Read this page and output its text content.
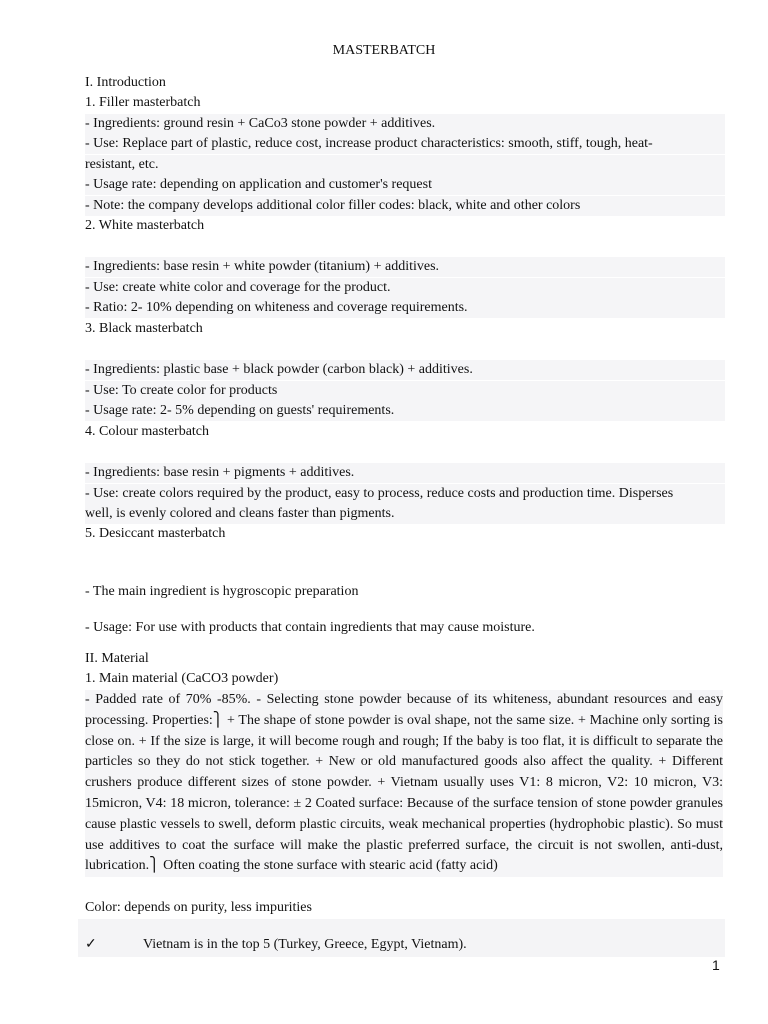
MASTERBATCH
I. Introduction
1. Filler masterbatch
- Ingredients: ground resin + CaCo3 stone powder + additives.
- Use: Replace part of plastic, reduce cost, increase product characteristics: smooth, stiff, tough, heat-
resistant, etc.
- Usage rate: depending on application and customer's request
- Note: the company develops additional color filler codes: black, white and other colors
2. White masterbatch
- Ingredients: base resin + white powder (titanium) + additives.
- Use: create white color and coverage for the product.
- Ratio: 2- 10% depending on whiteness and coverage requirements.
3. Black masterbatch
- Ingredients: plastic base + black powder (carbon black) + additives.
- Use: To create color for products
- Usage rate: 2- 5% depending on guests' requirements.
4. Colour masterbatch
- Ingredients: base resin + pigments + additives.
- Use: create colors required by the product, easy to process, reduce costs and production time. Disperses
well, is evenly colored and cleans faster than pigments.
5. Desiccant masterbatch
- The main ingredient is hygroscopic preparation
- Usage: For use with products that contain ingredients that may cause moisture.
II. Material
1. Main material (CaCO3 powder)
- Padded rate of 70% -85%. - Selecting stone powder because of its whiteness, abundant resources and easy processing. Properties:⎫ + The shape of stone powder is oval shape, not the same size. + Machine only sorting is close on. + If the size is large, it will become rough and rough; If the baby is too flat, it is difficult to separate the particles so they do not stick together. + New or old manufactured goods also affect the quality. + Different crushers produce different sizes of stone powder. + Vietnam usually uses V1: 8 micron, V2: 10 micron, V3: 15micron, V4: 18 micron, tolerance: ± 2 Coated surface: Because of the surface tension of stone powder granules cause plastic vessels to swell, deform plastic circuits, weak mechanical properties (hydrophobic plastic). So must use additives to coat the surface will make the plastic preferred surface, the circuit is not swollen, anti-dust, lubrication.⎫ Often coating the stone surface with stearic acid (fatty acid)
Color: depends on purity, less impurities
✓	Vietnam is in the top 5 (Turkey, Greece, Egypt, Vietnam).
1
